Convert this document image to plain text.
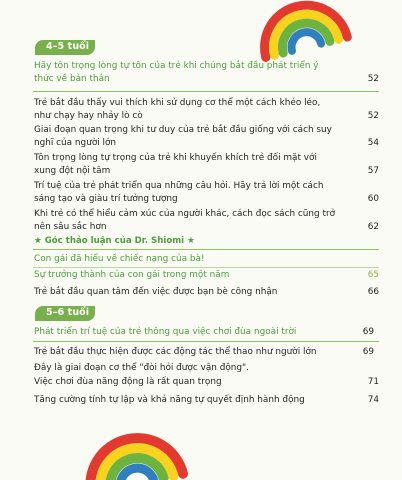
4–5 tuổi
Hãy tôn trọng lòng tự tôn của trẻ khi chúng bắt đầu phát triển ý thức về bản thân	52
Trẻ bắt đầu thấy vui thích khi sử dụng cơ thể một cách khéo léo, như chạy hay nhảy lò cò	52
Giai đoạn quan trọng khi tư duy của trẻ bắt đầu giống với cách suy nghĩ của người lớn	54
Tôn trọng lòng tự trọng của trẻ khi khuyến khích trẻ đối mặt với xung đột nội tâm	57
Trí tuệ của trẻ phát triển qua những câu hỏi. Hãy trả lời một cách sáng tạo và giàu trí tưởng tượng	60
Khi trẻ có thể hiểu cảm xúc của người khác, cách đọc sách cũng trở nên sâu sắc hơn	62
★ Góc thảo luận của Dr. Shiomi ★
Con gái đã hiểu về chiếc nạng của bà!
Sự trưởng thành của con gái trong một năm	65
Trẻ bắt đầu quan tâm đến việc được bạn bè công nhận	66
5–6 tuổi
Phát triển trí tuệ của trẻ thông qua việc chơi đùa ngoài trời	69
Trẻ bắt đầu thực hiện được các động tác thể thao như người lớn	69
Đây là giai đoạn cơ thể "đòi hỏi được vận động".
Việc chơi đùa năng động là rất quan trọng	71
Tăng cường tính tự lập và khả năng tự quyết định hành động	74
